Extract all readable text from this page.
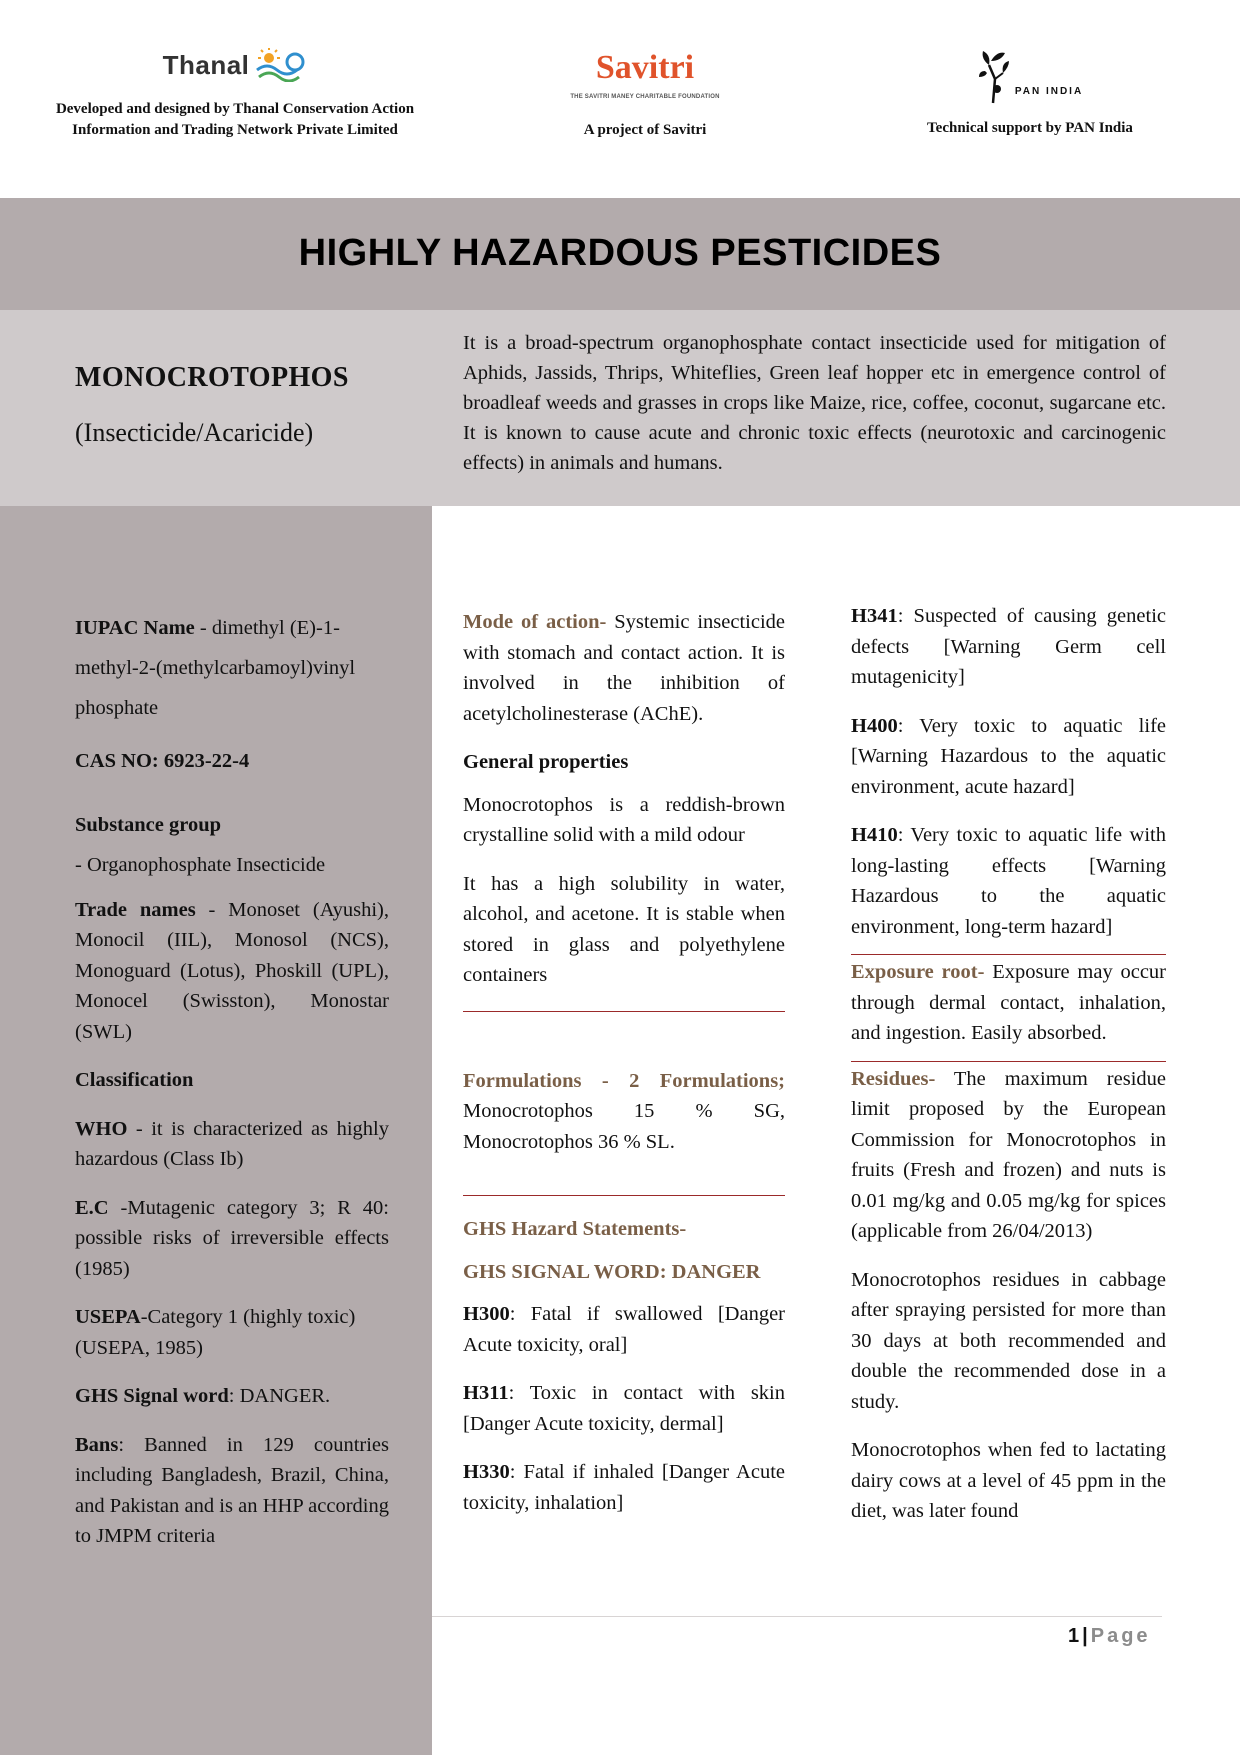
Thanal
Developed and designed by Thanal Conservation Action Information and Trading Network Private Limited
Savitri
THE SAVITRI MANEY CHARITABLE FOUNDATION
A project of Savitri
PAN INDIA
Technical support by PAN India
HIGHLY HAZARDOUS PESTICIDES
MONOCROTOPHOS
(Insecticide/Acaricide)
It is a broad-spectrum organophosphate contact insecticide used for mitigation of Aphids, Jassids, Thrips, Whiteflies, Green leaf hopper etc in emergence control of broadleaf weeds and grasses in crops like Maize, rice, coffee, coconut, sugarcane etc. It is known to cause acute and chronic toxic effects (neurotoxic and carcinogenic effects) in animals and humans.

IUPAC Name - dimethyl (E)-1-methyl-2-(methylcarbamoyl)vinyl phosphate

CAS NO: 6923-22-4

Substance group
- Organophosphate Insecticide

Trade names - Monoset (Ayushi), Monocil (IIL), Monosol (NCS), Monoguard (Lotus), Phoskill (UPL), Monocel (Swisston), Monostar (SWL)

Classification

WHO - it is characterized as highly hazardous (Class Ib)

E.C -Mutagenic category 3; R 40: possible risks of irreversible effects (1985)

USEPA-Category 1 (highly toxic) (USEPA, 1985)

GHS Signal word: DANGER.

Bans: Banned in 129 countries including Bangladesh, Brazil, China, and Pakistan and is an HHP according to JMPM criteria

Mode of action- Systemic insecticide with stomach and contact action. It is involved in the inhibition of acetylcholinesterase (AChE).

General properties

Monocrotophos is a reddish-brown crystalline solid with a mild odour

It has a high solubility in water, alcohol, and acetone. It is stable when stored in glass and polyethylene containers

Formulations - 2 Formulations; Monocrotophos 15 % SG, Monocrotophos 36 % SL.

GHS Hazard Statements-

GHS SIGNAL WORD: DANGER

H300: Fatal if swallowed [Danger Acute toxicity, oral]

H311: Toxic in contact with skin [Danger Acute toxicity, dermal]

H330: Fatal if inhaled [Danger Acute toxicity, inhalation]

H341: Suspected of causing genetic defects [Warning Germ cell mutagenicity]

H400: Very toxic to aquatic life [Warning Hazardous to the aquatic environment, acute hazard]

H410: Very toxic to aquatic life with long-lasting effects [Warning Hazardous to the aquatic environment, long-term hazard]

Exposure root- Exposure may occur through dermal contact, inhalation, and ingestion. Easily absorbed.

Residues- The maximum residue limit proposed by the European Commission for Monocrotophos in fruits (Fresh and frozen) and nuts is 0.01 mg/kg and 0.05 mg/kg for spices (applicable from 26/04/2013)

Monocrotophos residues in cabbage after spraying persisted for more than 30 days at both recommended and double the recommended dose in a study.

Monocrotophos when fed to lactating dairy cows at a level of 45 ppm in the diet, was later found

1|Page
